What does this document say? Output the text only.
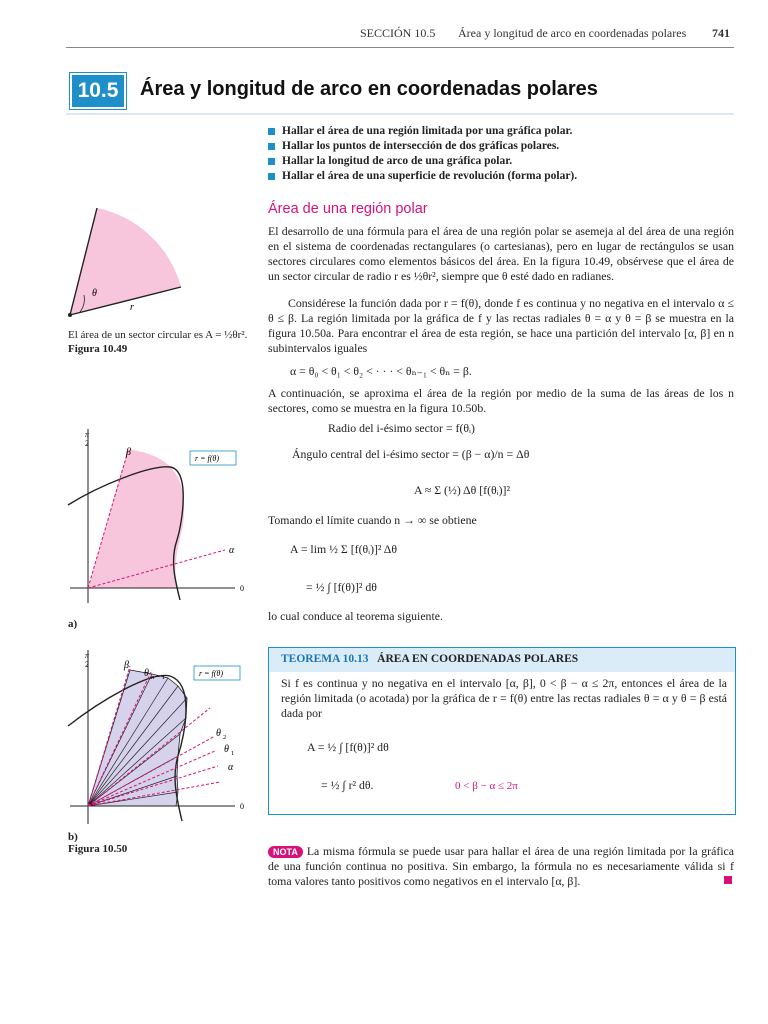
SECCIÓN 10.5 Área y longitud de arco en coordenadas polares 741
10.5	Área y longitud de arco en coordenadas polares
Hallar el área de una región limitada por una gráfica polar.
Hallar los puntos de intersección de dos gráficas polares.
Hallar la longitud de arco de una gráfica polar.
Hallar el área de una superficie de revolución (forma polar).
Área de una región polar

El desarrollo de una fórmula para el área de una región polar se asemeja al del área de una región en el sistema de coordenadas rectangulares (o cartesianas), pero en lugar de rectángulos se usan sectores circulares como elementos básicos del área. En la figura 10.49, obsérvese que el área de un sector circular de radio r es ½θr², siempre que θ esté dado en radianes.

Considérese la función dada por r = f(θ), donde f es continua y no negativa en el intervalo α ≤ θ ≤ β. La región limitada por la gráfica de f y las rectas radiales θ = α y θ = β se muestra en la figura 10.50a. Para encontrar el área de esta región, se hace una partición del intervalo [α, β] en n subintervalos iguales

α = θ₀ < θ₁ < θ₂ < · · · < θₙ₋₁ < θₙ = β.

A continuación, se aproxima el área de la región por medio de la suma de las áreas de los n sectores, como se muestra en la figura 10.50b.

Radio del i-ésimo sector = f(θᵢ)
Ángulo central del i-ésimo sector = (β − α)/n = Δθ
A ≈ Σ (½) Δθ [f(θᵢ)]²

Tomando el límite cuando n → ∞ se obtiene

A = lim ½ Σ [f(θᵢ)]² Δθ
= ½ ∫ [f(θ)]² dθ

lo cual conduce al teorema siguiente.

TEOREMA 10.13 ÁREA EN COORDENADAS POLARES
Si f es continua y no negativa en el intervalo [α, β], 0 < β − α ≤ 2π, entonces el área de la región limitada (o acotada) por la gráfica de r = f(θ) entre las rectas radiales θ = α y θ = β está dada por
A = ½ ∫ [f(θ)]² dθ
= ½ ∫ r² dθ.	0 < β − α ≤ 2π

NOTA La misma fórmula se puede usar para hallar el área de una región limitada por la gráfica de una función continua no positiva. Sin embargo, la fórmula no es necesariamente válida si f toma valores tanto positivos como negativos en el intervalo [α, β].

θ
r
El área de un sector circular es A = ½θr².
Figura 10.49
π
2
β
α
0
r = f(θ)
a)
π
2	β
θ n − 1
θ 2
θ 1
α
0
r = f(θ)
b)
Figura 10.50
